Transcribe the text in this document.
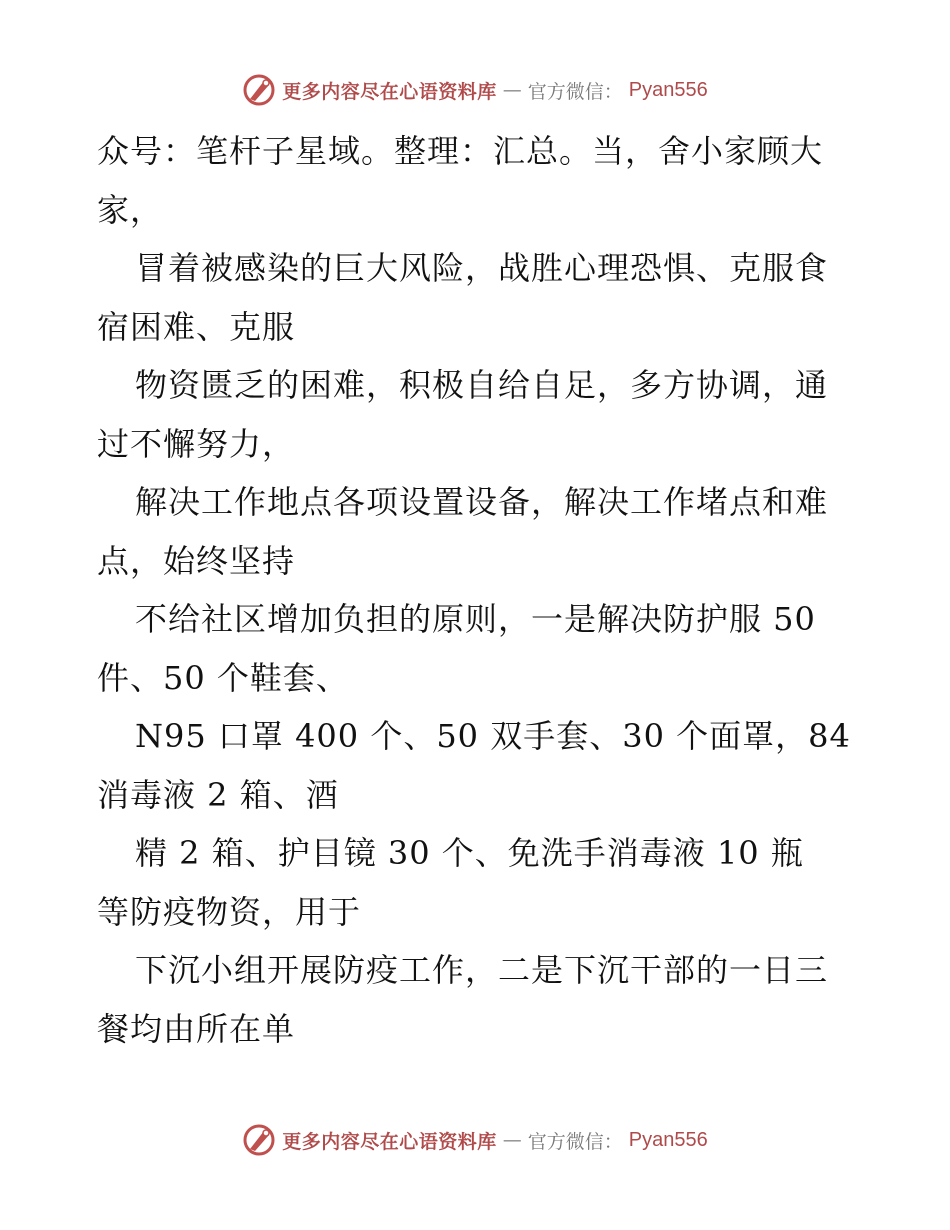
更多内容尽在心语资料库 — 官方微信： Pyan556
众号：笔杆子星域。整理：汇总。当，舍小家顾大
家，
冒着被感染的巨大风险，战胜心理恐惧、克服食
宿困难、克服
物资匮乏的困难，积极自给自足，多方协调，通
过不懈努力，
解决工作地点各项设置设备，解决工作堵点和难
点，始终坚持
不给社区增加负担的原则，一是解决防护服 50
件、50 个鞋套、
N95 口罩 400 个、50 双手套、30 个面罩，84
消毒液 2 箱、酒
精 2 箱、护目镜 30 个、免洗手消毒液 10 瓶
等防疫物资，用于
下沉小组开展防疫工作，二是下沉干部的一日三
餐均由所在单
更多内容尽在心语资料库 — 官方微信： Pyan556
